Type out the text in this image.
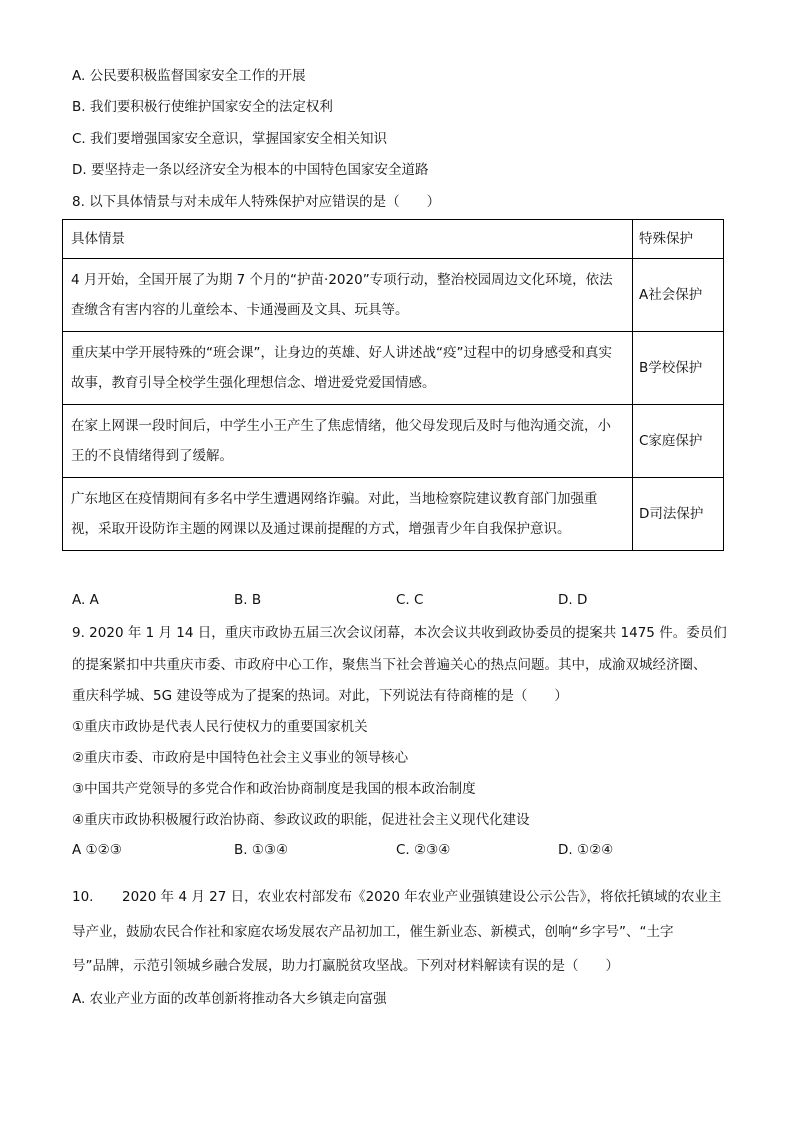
A. 公民要积极监督国家安全工作的开展
B. 我们要积极行使维护国家安全的法定权利
C. 我们要增强国家安全意识，掌握国家安全相关知识
D. 要坚持走一条以经济安全为根本的中国特色国家安全道路
8. 以下具体情景与对未成年人特殊保护对应错误的是（　　）
具体情景	特殊保护
4 月开始，全国开展了为期 7 个月的“护苗·2020”专项行动，整治校园周边文化环境，依法查缴含有害内容的儿童绘本、卡通漫画及文具、玩具等。	A社会保护
重庆某中学开展特殊的“班会课”，让身边的英雄、好人讲述战“疫”过程中的切身感受和真实故事，教育引导全校学生强化理想信念、增进爱党爱国情感。	B学校保护
在家上网课一段时间后，中学生小王产生了焦虑情绪，他父母发现后及时与他沟通交流，小王的不良情绪得到了缓解。	C家庭保护
广东地区在疫情期间有多名中学生遭遇网络诈骗。对此，当地检察院建议教育部门加强重视，采取开设防诈主题的网课以及通过课前提醒的方式，增强青少年自我保护意识。	D司法保护
A. A	B. B	C. C	D. D
9. 2020 年 1 月 14 日，重庆市政协五届三次会议闭幕，本次会议共收到政协委员的提案共 1475 件。委员们
的提案紧扣中共重庆市委、市政府中心工作，聚焦当下社会普遍关心的热点问题。其中，成渝双城经济圈、
重庆科学城、5G 建设等成为了提案的热词。对此，下列说法有待商榷的是（　　）
①重庆市政协是代表人民行使权力的重要国家机关
②重庆市委、市政府是中国特色社会主义事业的领导核心
③中国共产党领导的多党合作和政治协商制度是我国的根本政治制度
④重庆市政协积极履行政治协商、参政议政的职能，促进社会主义现代化建设
A ①②③	B. ①③④	C. ②③④	D. ①②④
10. 2020 年 4 月 27 日，农业农村部发布《2020 年农业产业强镇建设公示公告》，将依托镇域的农业主
导产业，鼓励农民合作社和家庭农场发展农产品初加工，催生新业态、新模式，创响“乡字号”、“土字
号”品牌，示范引领城乡融合发展，助力打赢脱贫攻坚战。下列对材料解读有误的是（　　）
A. 农业产业方面的改革创新将推动各大乡镇走向富强
